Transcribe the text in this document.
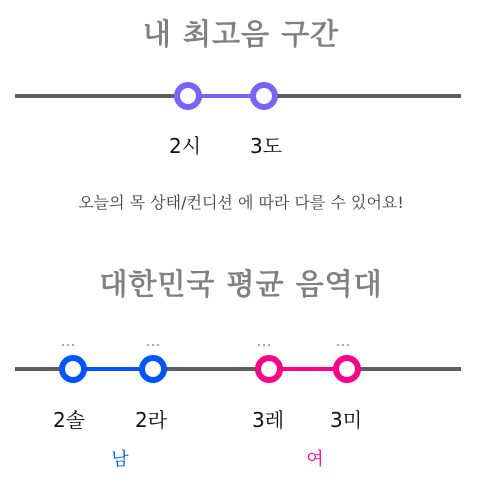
내 최고음 구간
2시	3도
오늘의 목 상태/컨디션 에 따라 다를 수 있어요!
대한민국 평균 음역대
...	...	...	...
2솔	2라	3레	3미
남	여
